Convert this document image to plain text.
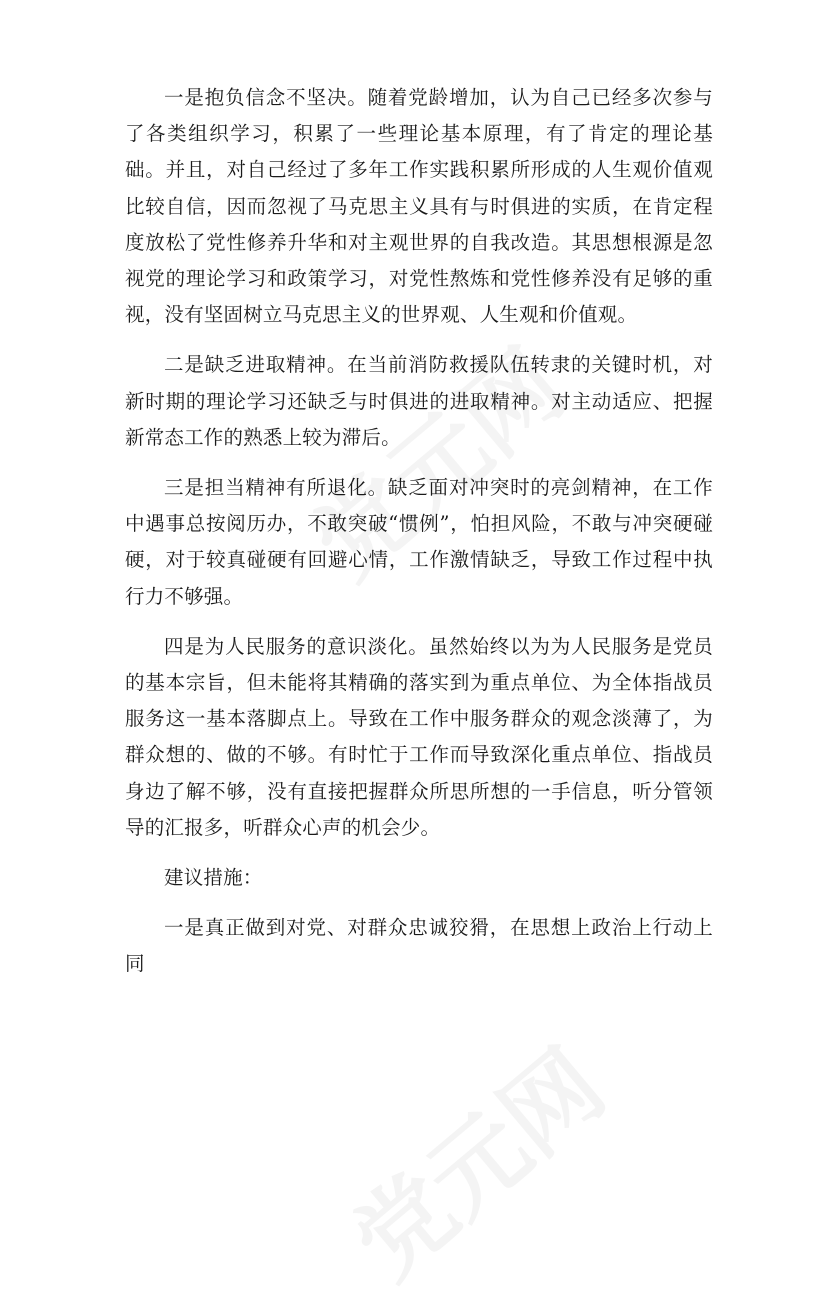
一是抱负信念不坚决。随着党龄增加，认为自己已经多次参与了各类组织学习，积累了一些理论基本原理，有了肯定的理论基础。并且，对自己经过了多年工作实践积累所形成的人生观价值观比较自信，因而忽视了马克思主义具有与时俱进的实质，在肯定程度放松了党性修养升华和对主观世界的自我改造。其思想根源是忽视党的理论学习和政策学习，对党性熬炼和党性修养没有足够的重视，没有坚固树立马克思主义的世界观、人生观和价值观。

二是缺乏进取精神。在当前消防救援队伍转隶的关键时机，对新时期的理论学习还缺乏与时俱进的进取精神。对主动适应、把握新常态工作的熟悉上较为滞后。

三是担当精神有所退化。缺乏面对冲突时的亮剑精神，在工作中遇事总按阅历办，不敢突破“惯例”，怕担风险，不敢与冲突硬碰硬，对于较真碰硬有回避心情，工作激情缺乏，导致工作过程中执行力不够强。

四是为人民服务的意识淡化。虽然始终以为为人民服务是党员的基本宗旨，但未能将其精确的落实到为重点单位、为全体指战员服务这一基本落脚点上。导致在工作中服务群众的观念淡薄了，为群众想的、做的不够。有时忙于工作而导致深化重点单位、指战员身边了解不够，没有直接把握群众所思所想的一手信息，听分管领导的汇报多，听群众心声的机会少。

建议措施：

一是真正做到对党、对群众忠诚狡猾，在思想上政治上行动上同
